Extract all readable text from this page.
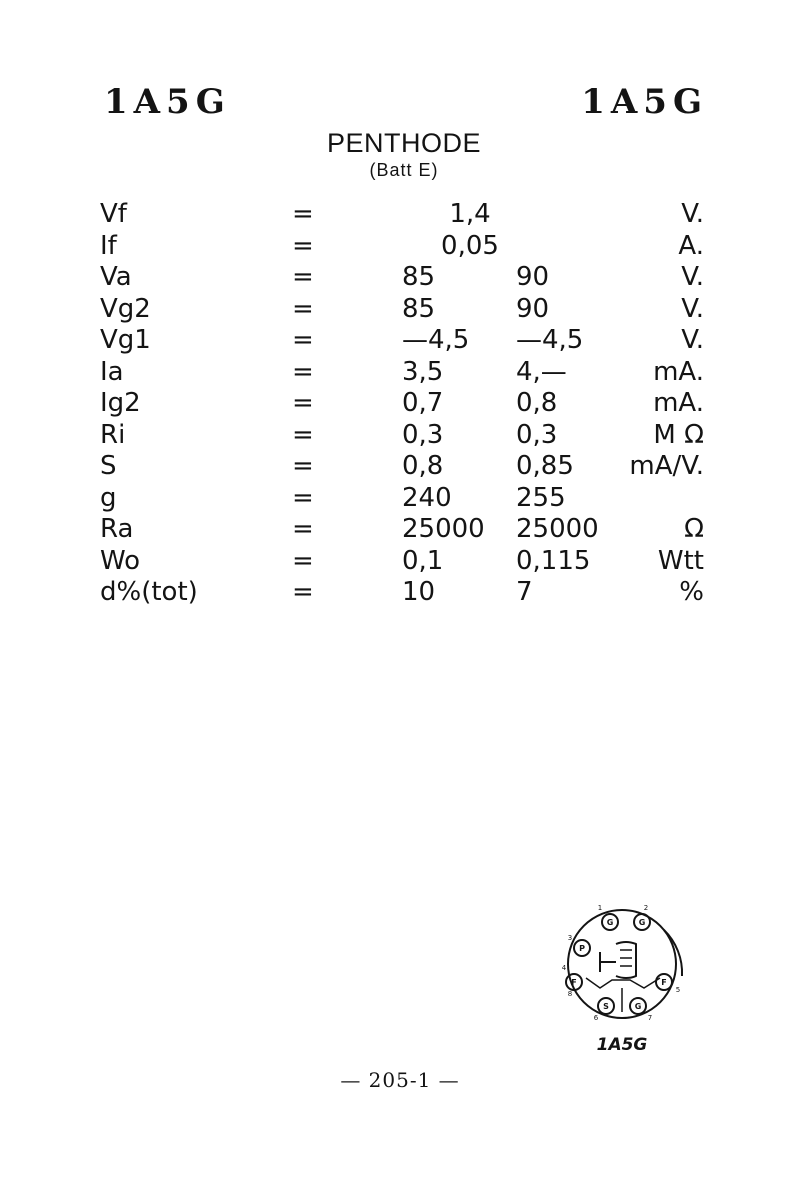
1A5G	1A5G
PENTHODE
(Batt E)
Vf	=	1,4	V.
If	=	0,05	A.
Va	=	85	90	V.
Vg2	=	85	90	V.
Vg1	=	—4,5 —4,5	V.
Ia	=	3,5	4,—	mA.
Ig2	=	0,7	0,8	mA.
Ri	=	0,3	0,3	M Ω
S	=	0,8	0,85 mA/V.
g	=	240 255
Ra	=	25000 25000	Ω
Wo	=	0,1	0,115	Wtt
d%(tot)	=	10	7	%
P
G	G
F	F
S	G
1	2
3
4
5
6	7
8
1A5G
— 205-1 —
